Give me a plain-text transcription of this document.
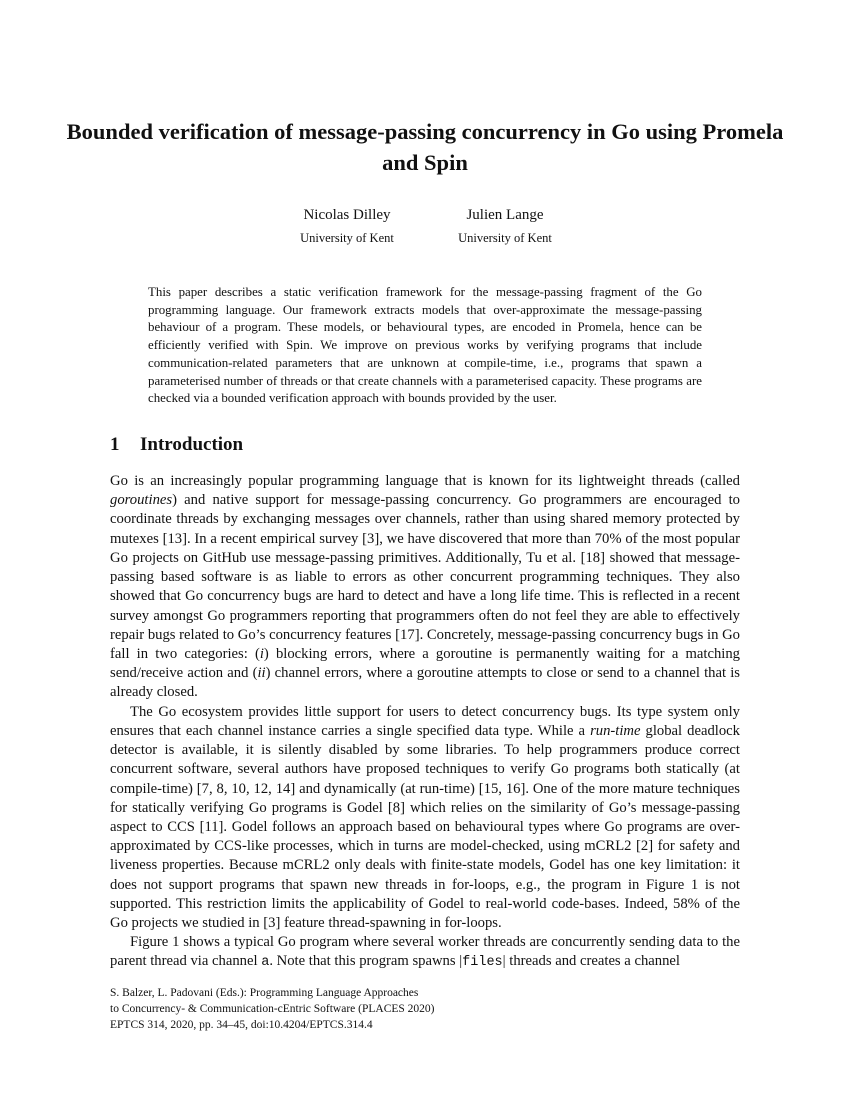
Bounded verification of message-passing concurrency in Go using Promela and Spin
Nicolas Dilley
University of Kent
Julien Lange
University of Kent
This paper describes a static verification framework for the message-passing fragment of the Go programming language. Our framework extracts models that over-approximate the message-passing behaviour of a program. These models, or behavioural types, are encoded in Promela, hence can be efficiently verified with Spin. We improve on previous works by verifying programs that include communication-related parameters that are unknown at compile-time, i.e., programs that spawn a parameterised number of threads or that create channels with a parameterised capacity. These programs are checked via a bounded verification approach with bounds provided by the user.
1 Introduction

Go is an increasingly popular programming language that is known for its lightweight threads (called goroutines) and native support for message-passing concurrency. Go programmers are encouraged to coordinate threads by exchanging messages over channels, rather than using shared memory protected by mutexes [13]. In a recent empirical survey [3], we have discovered that more than 70% of the most popular Go projects on GitHub use message-passing primitives. Additionally, Tu et al. [18] showed that message-passing based software is as liable to errors as other concurrent programming techniques. They also showed that Go concurrency bugs are hard to detect and have a long life time. This is reflected in a recent survey amongst Go programmers reporting that programmers often do not feel they are able to effectively repair bugs related to Go’s concurrency features [17]. Concretely, message-passing concurrency bugs in Go fall in two categories: (i) blocking errors, where a goroutine is permanently waiting for a matching send/receive action and (ii) channel errors, where a goroutine attempts to close or send to a channel that is already closed.

The Go ecosystem provides little support for users to detect concurrency bugs. Its type system only ensures that each channel instance carries a single specified data type. While a run-time global deadlock detector is available, it is silently disabled by some libraries. To help programmers produce correct concurrent software, several authors have proposed techniques to verify Go programs both statically (at compile-time) [7, 8, 10, 12, 14] and dynamically (at run-time) [15, 16]. One of the more mature techniques for statically verifying Go programs is Godel [8] which relies on the similarity of Go’s message-passing aspect to CCS [11]. Godel follows an approach based on behavioural types where Go programs are over-approximated by CCS-like processes, which in turns are model-checked, using mCRL2 [2] for safety and liveness properties. Because mCRL2 only deals with finite-state models, Godel has one key limitation: it does not support programs that spawn new threads in for-loops, e.g., the program in Figure 1 is not supported. This restriction limits the applicability of Godel to real-world code-bases. Indeed, 58% of the Go projects we studied in [3] feature thread-spawning in for-loops.

Figure 1 shows a typical Go program where several worker threads are concurrently sending data to the parent thread via channel a. Note that this program spawns |files| threads and creates a channel

S. Balzer, L. Padovani (Eds.): Programming Language Approaches
to Concurrency- & Communication-cEntric Software (PLACES 2020)
EPTCS 314, 2020, pp. 34–45, doi:10.4204/EPTCS.314.4
